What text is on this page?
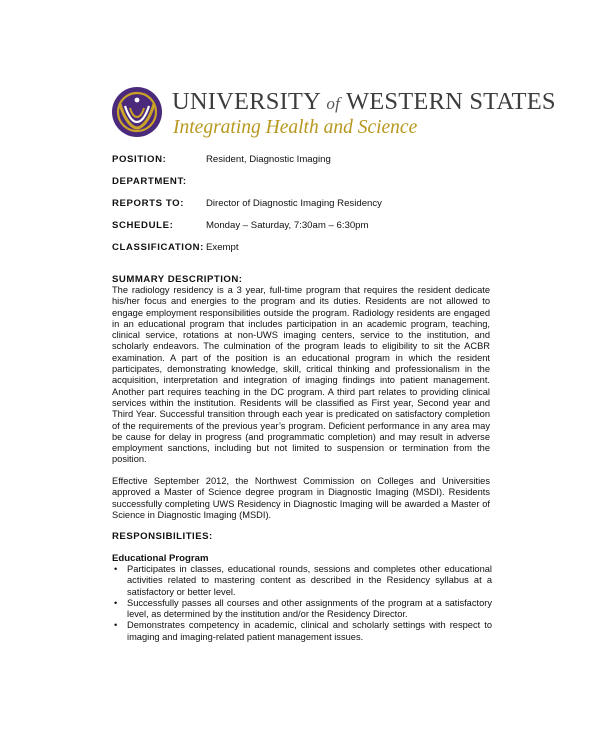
UNIVERSITY of WESTERN STATES
Integrating Health and Science
POSITION:	Resident, Diagnostic Imaging
DEPARTMENT:
REPORTS TO: Director of Diagnostic Imaging Residency
SCHEDULE:	Monday – Saturday, 7:30am – 6:30pm
CLASSIFICATION: Exempt
SUMMARY DESCRIPTION:
The radiology residency is a 3 year, full-time program that requires the resident dedicate his/her focus and energies to the program and its duties. Residents are not allowed to engage employment responsibilities outside the program. Radiology residents are engaged in an educational program that includes participation in an academic program, teaching, clinical service, rotations at non-UWS imaging centers, service to the institution, and scholarly endeavors. The culmination of the program leads to eligibility to sit the ACBR examination. A part of the position is an educational program in which the resident participates, demonstrating knowledge, skill, critical thinking and professionalism in the acquisition, interpretation and integration of imaging findings into patient management. Another part requires teaching in the DC program. A third part relates to providing clinical services within the institution. Residents will be classified as First year, Second year and Third Year. Successful transition through each year is predicated on satisfactory completion of the requirements of the previous year’s program. Deficient performance in any area may be cause for delay in progress (and programmatic completion) and may result in adverse employment sanctions, including but not limited to suspension or termination from the position.
Effective September 2012, the Northwest Commission on Colleges and Universities approved a Master of Science degree program in Diagnostic Imaging (MSDI). Residents successfully completing UWS Residency in Diagnostic Imaging will be awarded a Master of Science in Diagnostic Imaging (MSDI).
RESPONSIBILITIES:
Educational Program
• Participates in classes, educational rounds, sessions and completes other educational activities related to mastering content as described in the Residency syllabus at a satisfactory or better level.
• Successfully passes all courses and other assignments of the program at a satisfactory level, as determined by the institution and/or the Residency Director.
• Demonstrates competency in academic, clinical and scholarly settings with respect to imaging and imaging-related patient management issues.
